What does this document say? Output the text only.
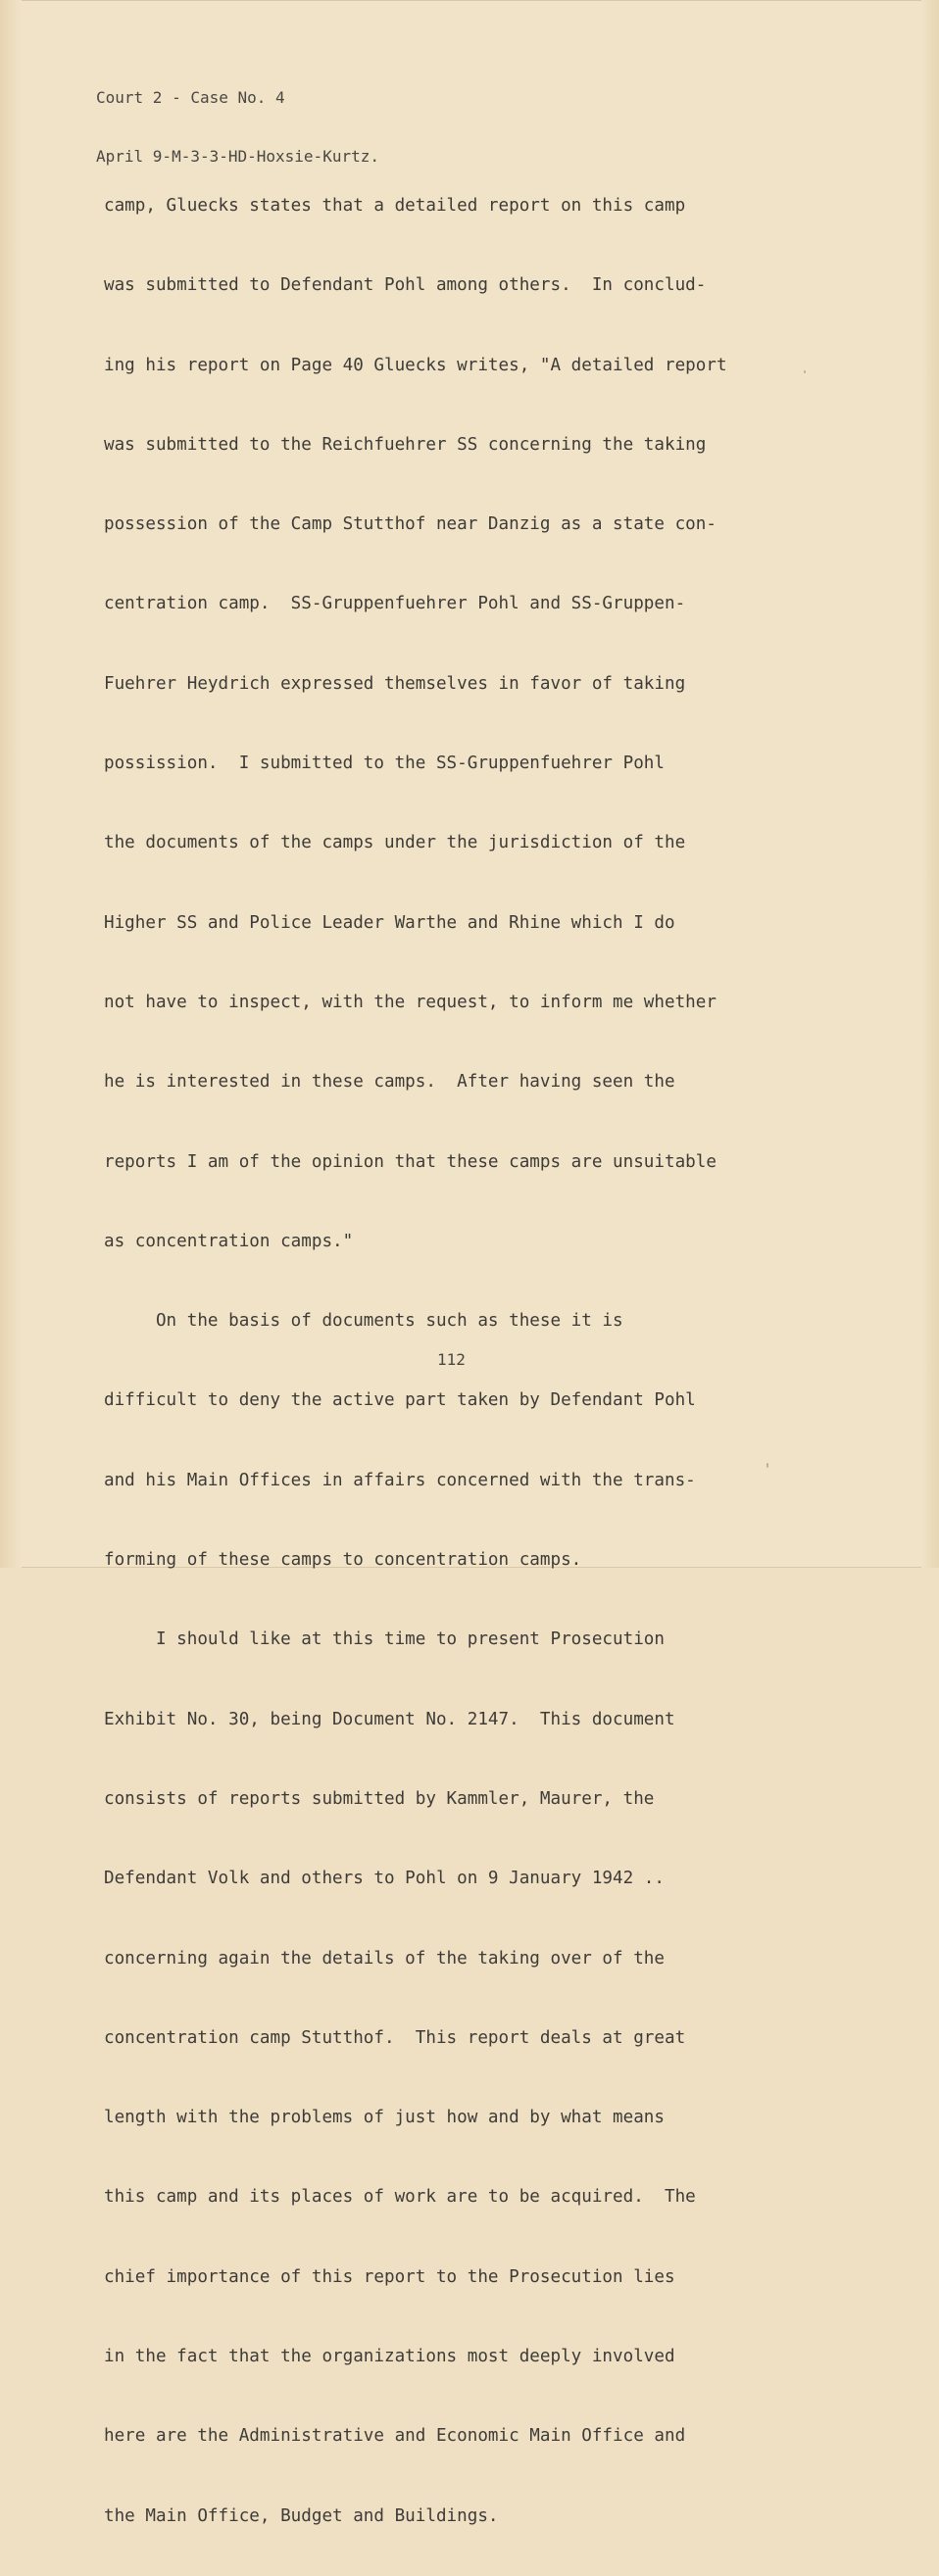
Court 2 - Case No. 4

April 9-M-3-3-HD-Hoxsie-Kurtz.

camp, Gluecks states that a detailed report on this camp

was submitted to Defendant Pohl among others.  In conclud-

ing his report on Page 40 Gluecks writes, "A detailed report

was submitted to the Reichfuehrer SS concerning the taking

possession of the Camp Stutthof near Danzig as a state con-

centration camp.  SS-Gruppenfuehrer Pohl and SS-Gruppen-

Fuehrer Heydrich expressed themselves in favor of taking

possission.  I submitted to the SS-Gruppenfuehrer Pohl

the documents of the camps under the jurisdiction of the

Higher SS and Police Leader Warthe and Rhine which I do

not have to inspect, with the request, to inform me whether

he is interested in these camps.  After having seen the

reports I am of the opinion that these camps are unsuitable

as concentration camps."

On the basis of documents such as these it is

difficult to deny the active part taken by Defendant Pohl

and his Main Offices in affairs concerned with the trans-

forming of these camps to concentration camps.

I should like at this time to present Prosecution

Exhibit No. 30, being Document No. 2147.  This document

consists of reports submitted by Kammler, Maurer, the

Defendant Volk and others to Pohl on 9 January 1942 ..

concerning again the details of the taking over of the

concentration camp Stutthof.  This report deals at great

length with the problems of just how and by what means

this camp and its places of work are to be acquired.  The

chief importance of this report to the Prosecution lies

in the fact that the organizations most deeply involved

here are the Administrative and Economic Main Office and

the Main Office, Budget and Buildings.

112
